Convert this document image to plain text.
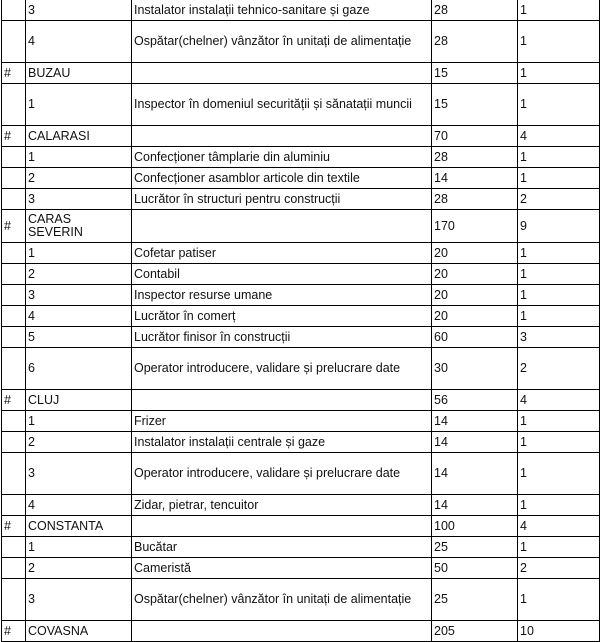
	3	Instalator instalații tehnico-sanitare și gaze	28	1
	4	Ospătar(chelner) vânzător în unitați de alimentație	28	1
#	BUZAU		15	1
	1	Inspector în domeniul securității și sănatații muncii	15	1
#	CALARASI		70	4
	1	Confecționer tâmplarie din aluminiu	28	1
	2	Confecționer asamblor articole din textile	14	1
	3	Lucrător în structuri pentru construcții	28	2
#	CARAS SEVERIN		170	9
	1	Cofetar patiser	20	1
	2	Contabil	20	1
	3	Inspector resurse umane	20	1
	4	Lucrător în comerț	20	1
	5	Lucrător finisor în construcții	60	3
	6	Operator introducere, validare și prelucrare date	30	2
#	CLUJ		56	4
	1	Frizer	14	1
	2	Instalator instalații centrale și gaze	14	1
	3	Operator introducere, validare și prelucrare date	14	1
	4	Zidar, pietrar, tencuitor	14	1
#	CONSTANTA		100	4
	1	Bucătar	25	1
	2	Cameristă	50	2
	3	Ospătar(chelner) vânzător în unitați de alimentație	25	1
#	COVASNA		205	10
